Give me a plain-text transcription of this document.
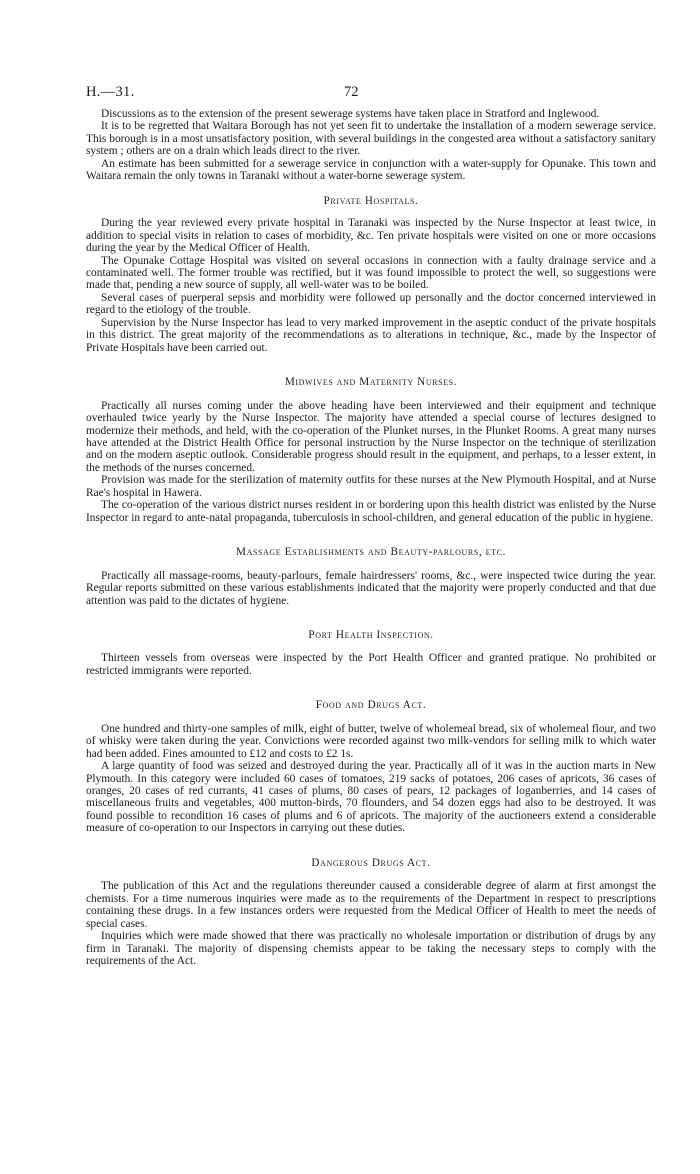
H.—31.	72

Discussions as to the extension of the present sewerage systems have taken place in Stratford and Inglewood.

It is to be regretted that Waitara Borough has not yet seen fit to undertake the installation of a modern sewerage service. This borough is in a most unsatisfactory position, with several buildings in the congested area without a satisfactory sanitary system ; others are on a drain which leads direct to the river.

An estimate has been submitted for a sewerage service in conjunction with a water-supply for Opunake. This town and Waitara remain the only towns in Taranaki without a water-borne sewerage system.

Private Hospitals.

During the year reviewed every private hospital in Taranaki was inspected by the Nurse Inspector at least twice, in addition to special visits in relation to cases of morbidity, &c. Ten private hospitals were visited on one or more occasions during the year by the Medical Officer of Health.

The Opunake Cottage Hospital was visited on several occasions in connection with a faulty drainage service and a contaminated well. The former trouble was rectified, but it was found impossible to protect the well, so suggestions were made that, pending a new source of supply, all well-water was to be boiled.

Several cases of puerperal sepsis and morbidity were followed up personally and the doctor concerned interviewed in regard to the etiology of the trouble.

Supervision by the Nurse Inspector has lead to very marked improvement in the aseptic conduct of the private hospitals in this district. The great majority of the recommendations as to alterations in technique, &c., made by the Inspector of Private Hospitals have been carried out.

Midwives and Maternity Nurses.

Practically all nurses coming under the above heading have been interviewed and their equipment and technique overhauled twice yearly by the Nurse Inspector. The majority have attended a special course of lectures designed to modernize their methods, and held, with the co-operation of the Plunket nurses, in the Plunket Rooms. A great many nurses have attended at the District Health Office for personal instruction by the Nurse Inspector on the technique of sterilization and on the modern aseptic outlook. Considerable progress should result in the equipment, and perhaps, to a lesser extent, in the methods of the nurses concerned.

Provision was made for the sterilization of maternity outfits for these nurses at the New Plymouth Hospital, and at Nurse Rae's hospital in Hawera.

The co-operation of the various district nurses resident in or bordering upon this health district was enlisted by the Nurse Inspector in regard to ante-natal propaganda, tuberculosis in school-children, and general education of the public in hygiene.

Massage Establishments and Beauty-parlours, etc.

Practically all massage-rooms, beauty-parlours, female hairdressers' rooms, &c., were inspected twice during the year. Regular reports submitted on these various establishments indicated that the majority were properly conducted and that due attention was paid to the dictates of hygiene.

Port Health Inspection.

Thirteen vessels from overseas were inspected by the Port Health Officer and granted pratique. No prohibited or restricted immigrants were reported.

Food and Drugs Act.

One hundred and thirty-one samples of milk, eight of butter, twelve of wholemeal bread, six of wholemeal flour, and two of whisky were taken during the year. Convictions were recorded against two milk-vendors for selling milk to which water had been added. Fines amounted to £12 and costs to £2 1s.

A large quantity of food was seized and destroyed during the year. Practically all of it was in the auction marts in New Plymouth. In this category were included 60 cases of tomatoes, 219 sacks of potatoes, 206 cases of apricots, 36 cases of oranges, 20 cases of red currants, 41 cases of plums, 80 cases of pears, 12 packages of loganberries, and 14 cases of miscellaneous fruits and vegetables, 400 mutton-birds, 70 flounders, and 54 dozen eggs had also to be destroyed. It was found possible to recondition 16 cases of plums and 6 of apricots. The majority of the auctioneers extend a considerable measure of co-operation to our Inspectors in carrying out these duties.

Dangerous Drugs Act.

The publication of this Act and the regulations thereunder caused a considerable degree of alarm at first amongst the chemists. For a time numerous inquiries were made as to the requirements of the Department in respect to prescriptions containing these drugs. In a few instances orders were requested from the Medical Officer of Health to meet the needs of special cases.

Inquiries which were made showed that there was practically no wholesale importation or distribution of drugs by any firm in Taranaki. The majority of dispensing chemists appear to be taking the necessary steps to comply with the requirements of the Act.
